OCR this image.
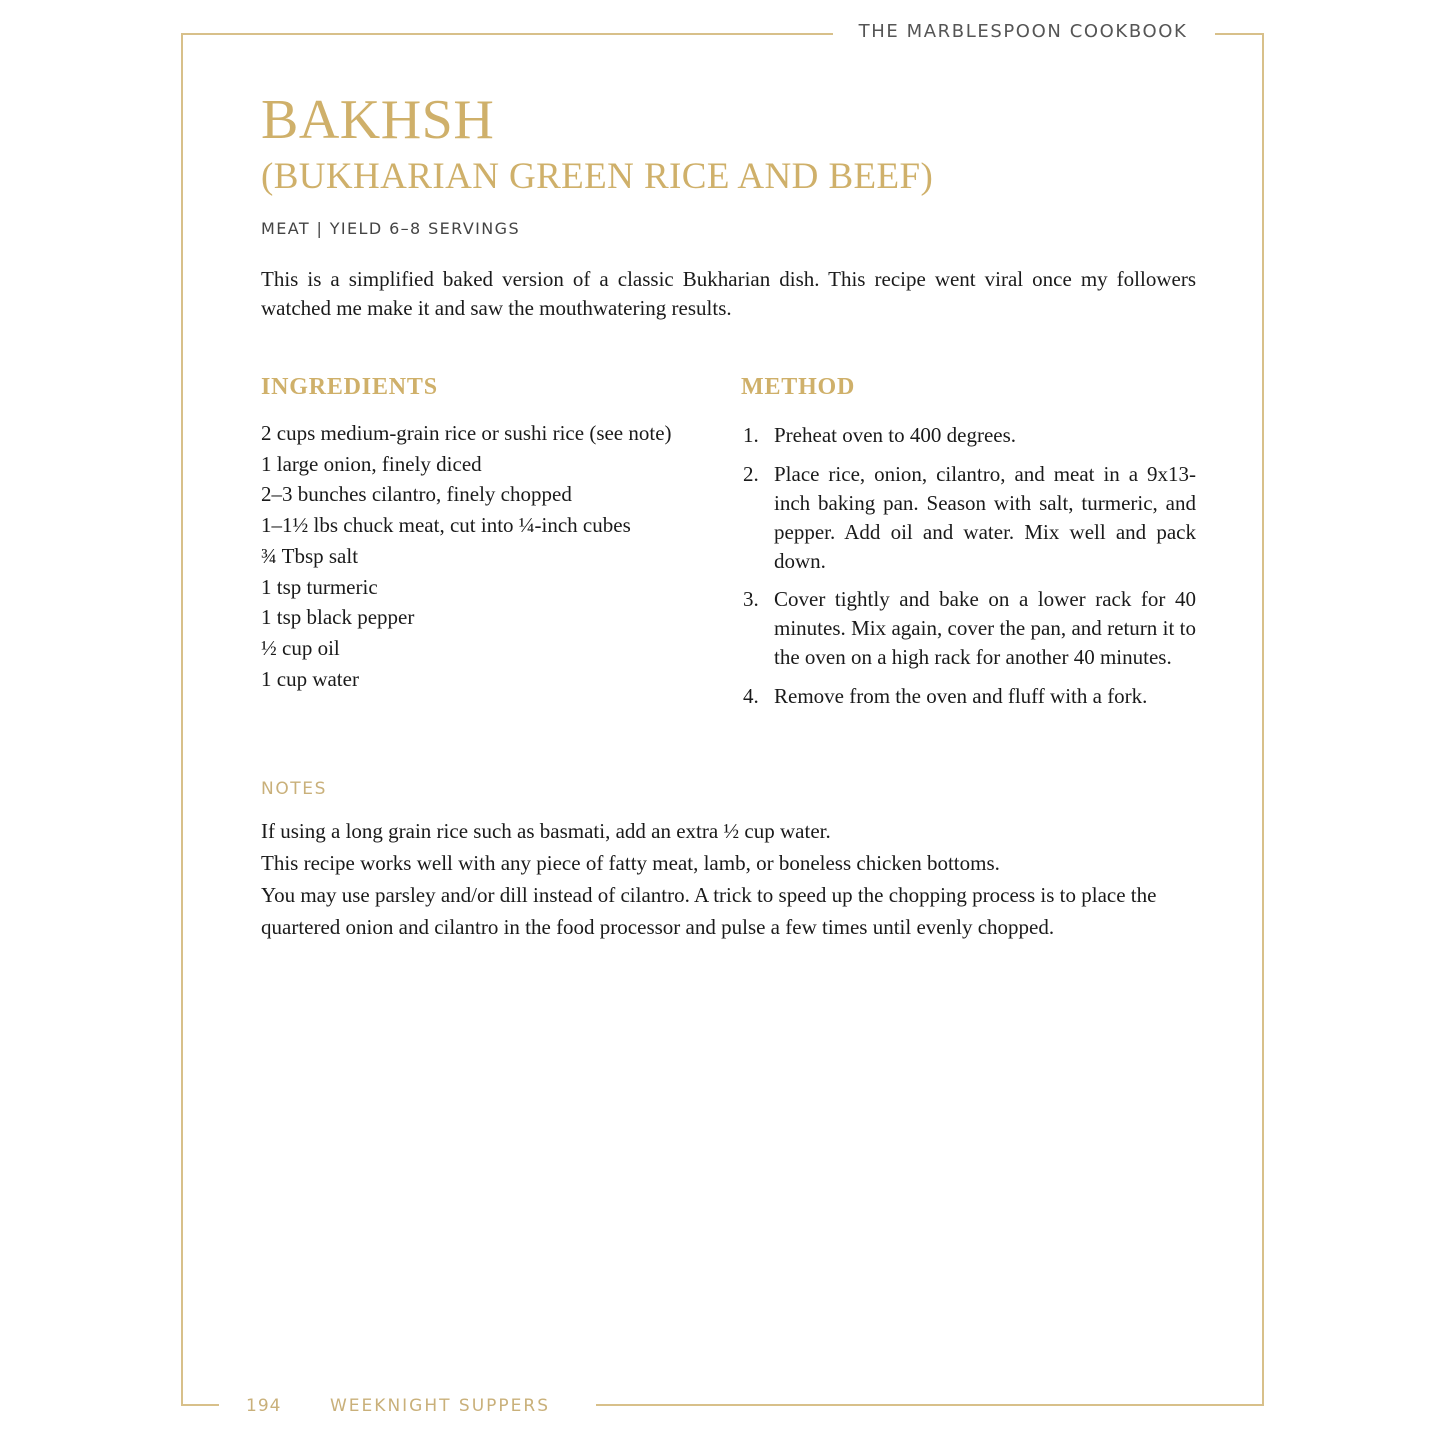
THE MARBLESPOON COOKBOOK
BAKHSH
(BUKHARIAN GREEN RICE AND BEEF)
MEAT | YIELD 6–8 SERVINGS

This is a simplified baked version of a classic Bukharian dish. This recipe went viral once my followers watched me make it and saw the mouthwatering results.

INGREDIENTS
2 cups medium-grain rice or sushi rice (see note)
1 large onion, finely diced
2–3 bunches cilantro, finely chopped
1–1½ lbs chuck meat, cut into ¼-inch cubes
¾ Tbsp salt
1 tsp turmeric
1 tsp black pepper
½ cup oil
1 cup water
METHOD
1. Preheat oven to 400 degrees.
2. Place rice, onion, cilantro, and meat in a 9x13-inch baking pan. Season with salt, turmeric, and pepper. Add oil and water. Mix well and pack down.
3. Cover tightly and bake on a lower rack for 40 minutes. Mix again, cover the pan, and return it to the oven on a high rack for another 40 minutes.
4. Remove from the oven and fluff with a fork.
NOTES
If using a long grain rice such as basmati, add an extra ½ cup water.
This recipe works well with any piece of fatty meat, lamb, or boneless chicken bottoms.
You may use parsley and/or dill instead of cilantro. A trick to speed up the chopping process is to place the quartered onion and cilantro in the food processor and pulse a few times until evenly chopped.
194	WEEKNIGHT SUPPERS
